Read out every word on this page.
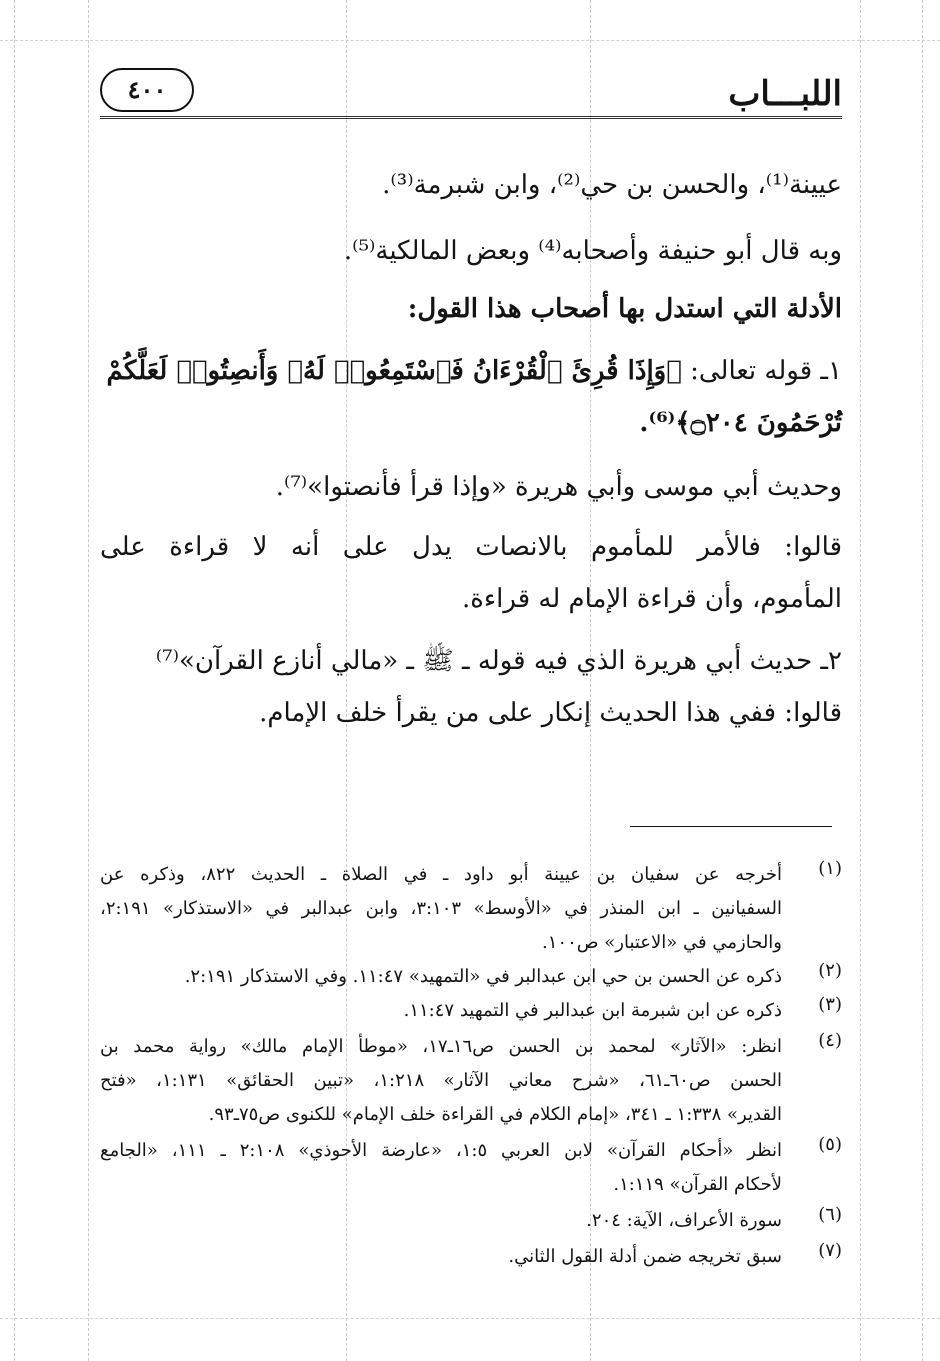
اللبـــاب
٤٠٠
عيينة⁽¹⁾، والحسن بن حي⁽²⁾، وابن شبرمة⁽³⁾.
وبه قال أبو حنيفة وأصحابه⁽⁴⁾ وبعض المالكية⁽⁵⁾.
الأدلة التي استدل بها أصحاب هذا القول:
١ـ قوله تعالى: ﴿وَإِذَا قُرِئَ ٱلْقُرْءَانُ فَٱسْتَمِعُوا۟ لَهُۥ وَأَنصِتُوا۟ لَعَلَّكُمْ
تُرْحَمُونَ ۝٢٠٤﴾⁽⁶⁾.
وحديث أبي موسى وأبي هريرة «وإذا قرأ فأنصتوا»⁽⁷⁾.
قالوا: فالأمر للمأموم بالانصات يدل على أنه لا قراءة على
المأموم، وأن قراءة الإمام له قراءة.
٢ـ حديث أبي هريرة الذي فيه قوله ـ ﷺ ـ «مالي أنازع القرآن»⁽⁷⁾
قالوا: ففي هذا الحديث إنكار على من يقرأ خلف الإمام.
(١)
أخرجه عن سفيان بن عيينة أبو داود ـ في الصلاة ـ الحديث ٨٢٢، وذكره عن
السفيانين ـ ابن المنذر في «الأوسط» ٣:١٠٣، وابن عبدالبر في «الاستذكار» ٢:١٩١،
والحازمي في «الاعتبار» ص١٠٠.
(٢)
ذكره عن الحسن بن حي ابن عبدالبر في «التمهيد» ١١:٤٧. وفي الاستذكار ٢:١٩١.
(٣)
ذكره عن ابن شبرمة ابن عبدالبر في التمهيد ١١:٤٧.
(٤)
انظر: «الآثار» لمحمد بن الحسن ص١٦ـ١٧، «موطأ الإمام مالك» رواية محمد بن
الحسن ص٦٠ـ٦١، «شرح معاني الآثار» ١:٢١٨، «تبين الحقائق» ١:١٣١، «فتح
القدير» ١:٣٣٨ ـ ٣٤١، «إمام الكلام في القراءة خلف الإمام» للكنوى ص٧٥ـ٩٣.
(٥)
انظر «أحكام القرآن» لابن العربي ١:٥، «عارضة الأحوذي» ٢:١٠٨ ـ ١١١، «الجامع
لأحكام القرآن» ١:١١٩.
(٦)
سورة الأعراف، الآية: ٢٠٤.
(٧)
سبق تخريجه ضمن أدلة القول الثاني.
